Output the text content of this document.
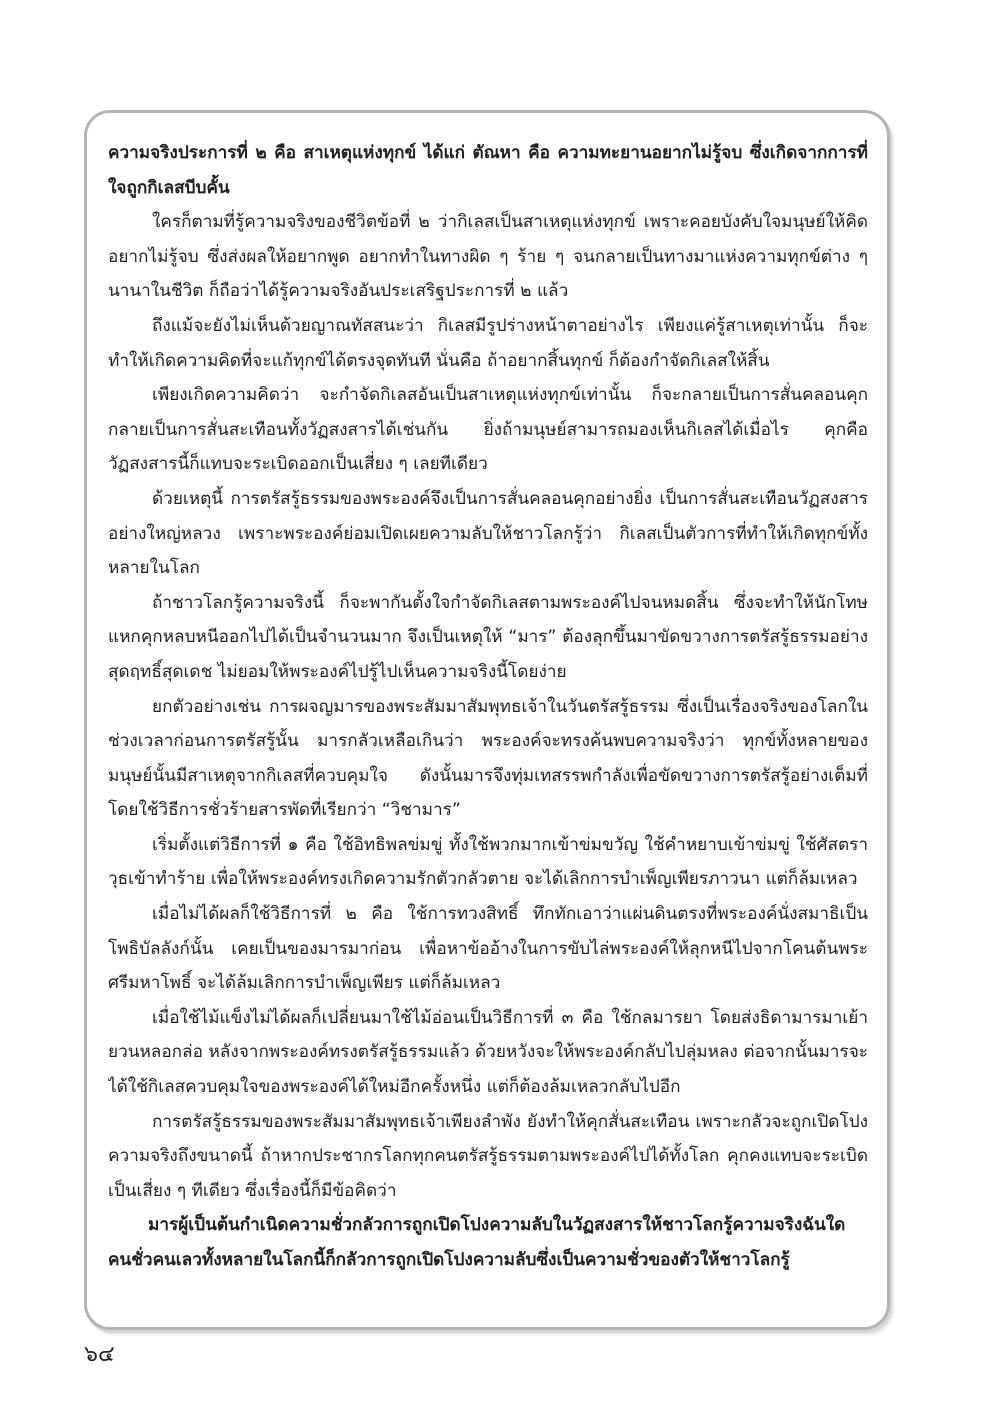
ความจริงประการที่ ๒ คือ สาเหตุแห่งทุกข์ ได้แก่ ตัณหา คือ ความทะยานอยากไม่รู้จบ ซึ่งเกิดจากการที่ใจถูกกิเลสบีบคั้น

ใครก็ตามที่รู้ความจริงของชีวิตข้อที่ ๒ ว่ากิเลสเป็นสาเหตุแห่งทุกข์ เพราะคอยบังคับใจมนุษย์ให้คิดอยากไม่รู้จบ ซึ่งส่งผลให้อยากพูด อยากทำในทางผิด ๆ ร้าย ๆ จนกลายเป็นทางมาแห่งความทุกข์ต่าง ๆ นานาในชีวิต ก็ถือว่าได้รู้ความจริงอันประเสริฐประการที่ ๒ แล้ว

ถึงแม้จะยังไม่เห็นด้วยญาณทัสสนะว่า กิเลสมีรูปร่างหน้าตาอย่างไร เพียงแค่รู้สาเหตุเท่านั้น ก็จะทำให้เกิดความคิดที่จะแก้ทุกข์ได้ตรงจุดทันที นั่นคือ ถ้าอยากสิ้นทุกข์ ก็ต้องกำจัดกิเลสให้สิ้น

เพียงเกิดความคิดว่า จะกำจัดกิเลสอันเป็นสาเหตุแห่งทุกข์เท่านั้น ก็จะกลายเป็นการสั่นคลอนคุก กลายเป็นการสั่นสะเทือนทั้งวัฏสงสารได้เช่นกัน ยิ่งถ้ามนุษย์สามารถมองเห็นกิเลสได้เมื่อไร คุกคือวัฏสงสารนี้ก็แทบจะระเบิดออกเป็นเสี่ยง ๆ เลยทีเดียว

ด้วยเหตุนี้ การตรัสรู้ธรรมของพระองค์จึงเป็นการสั่นคลอนคุกอย่างยิ่ง เป็นการสั่นสะเทือนวัฏสงสารอย่างใหญ่หลวง เพราะพระองค์ย่อมเปิดเผยความลับให้ชาวโลกรู้ว่า กิเลสเป็นตัวการที่ทำให้เกิดทุกข์ทั้งหลายในโลก

ถ้าชาวโลกรู้ความจริงนี้ ก็จะพากันตั้งใจกำจัดกิเลสตามพระองค์ไปจนหมดสิ้น ซึ่งจะทำให้นักโทษแหกคุกหลบหนีออกไปได้เป็นจำนวนมาก จึงเป็นเหตุให้ “มาร” ต้องลุกขึ้นมาขัดขวางการตรัสรู้ธรรมอย่างสุดฤทธิ์สุดเดช ไม่ยอมให้พระองค์ไปรู้ไปเห็นความจริงนี้โดยง่าย

ยกตัวอย่างเช่น การผจญมารของพระสัมมาสัมพุทธเจ้าในวันตรัสรู้ธรรม ซึ่งเป็นเรื่องจริงของโลกในช่วงเวลาก่อนการตรัสรู้นั้น มารกลัวเหลือเกินว่า พระองค์จะทรงค้นพบความจริงว่า ทุกข์ทั้งหลายของมนุษย์นั้นมีสาเหตุจากกิเลสที่ควบคุมใจ ดังนั้นมารจึงทุ่มเทสรรพกำลังเพื่อขัดขวางการตรัสรู้อย่างเต็มที่ โดยใช้วิธีการชั่วร้ายสารพัดที่เรียกว่า “วิชามาร”

เริ่มตั้งแต่วิธีการที่ ๑ คือ ใช้อิทธิพลข่มขู่ ทั้งใช้พวกมากเข้าข่มขวัญ ใช้คำหยาบเข้าข่มขู่ ใช้ศัสตราวุธเข้าทำร้าย เพื่อให้พระองค์ทรงเกิดความรักตัวกลัวตาย จะได้เลิกการบำเพ็ญเพียรภาวนา แต่ก็ล้มเหลว

เมื่อไม่ได้ผลก็ใช้วิธีการที่ ๒ คือ ใช้การทวงสิทธิ์ ทึกทักเอาว่าแผ่นดินตรงที่พระองค์นั่งสมาธิเป็นโพธิบัลลังก์นั้น เคยเป็นของมารมาก่อน เพื่อหาข้ออ้างในการขับไล่พระองค์ให้ลุกหนีไปจากโคนต้นพระศรีมหาโพธิ์ จะได้ล้มเลิกการบำเพ็ญเพียร แต่ก็ล้มเหลว

เมื่อใช้ไม้แข็งไม่ได้ผลก็เปลี่ยนมาใช้ไม้อ่อนเป็นวิธีการที่ ๓ คือ ใช้กลมารยา โดยส่งธิดามารมาเย้ายวนหลอกล่อ หลังจากพระองค์ทรงตรัสรู้ธรรมแล้ว ด้วยหวังจะให้พระองค์กลับไปลุ่มหลง ต่อจากนั้นมารจะได้ใช้กิเลสควบคุมใจของพระองค์ได้ใหม่อีกครั้งหนึ่ง แต่ก็ต้องล้มเหลวกลับไปอีก

การตรัสรู้ธรรมของพระสัมมาสัมพุทธเจ้าเพียงลำพัง ยังทำให้คุกสั่นสะเทือน เพราะกลัวจะถูกเปิดโปงความจริงถึงขนาดนี้ ถ้าหากประชากรโลกทุกคนตรัสรู้ธรรมตามพระองค์ไปได้ทั้งโลก คุกคงแทบจะระเบิดเป็นเสี่ยง ๆ ทีเดียว ซึ่งเรื่องนี้ก็มีข้อคิดว่า

มารผู้เป็นต้นกำเนิดความชั่วกลัวการถูกเปิดโปงความลับในวัฏสงสารให้ชาวโลกรู้ความจริงฉันใด คนชั่วคนเลวทั้งหลายในโลกนี้ก็กลัวการถูกเปิดโปงความลับซึ่งเป็นความชั่วของตัวให้ชาวโลกรู้

๖๔
